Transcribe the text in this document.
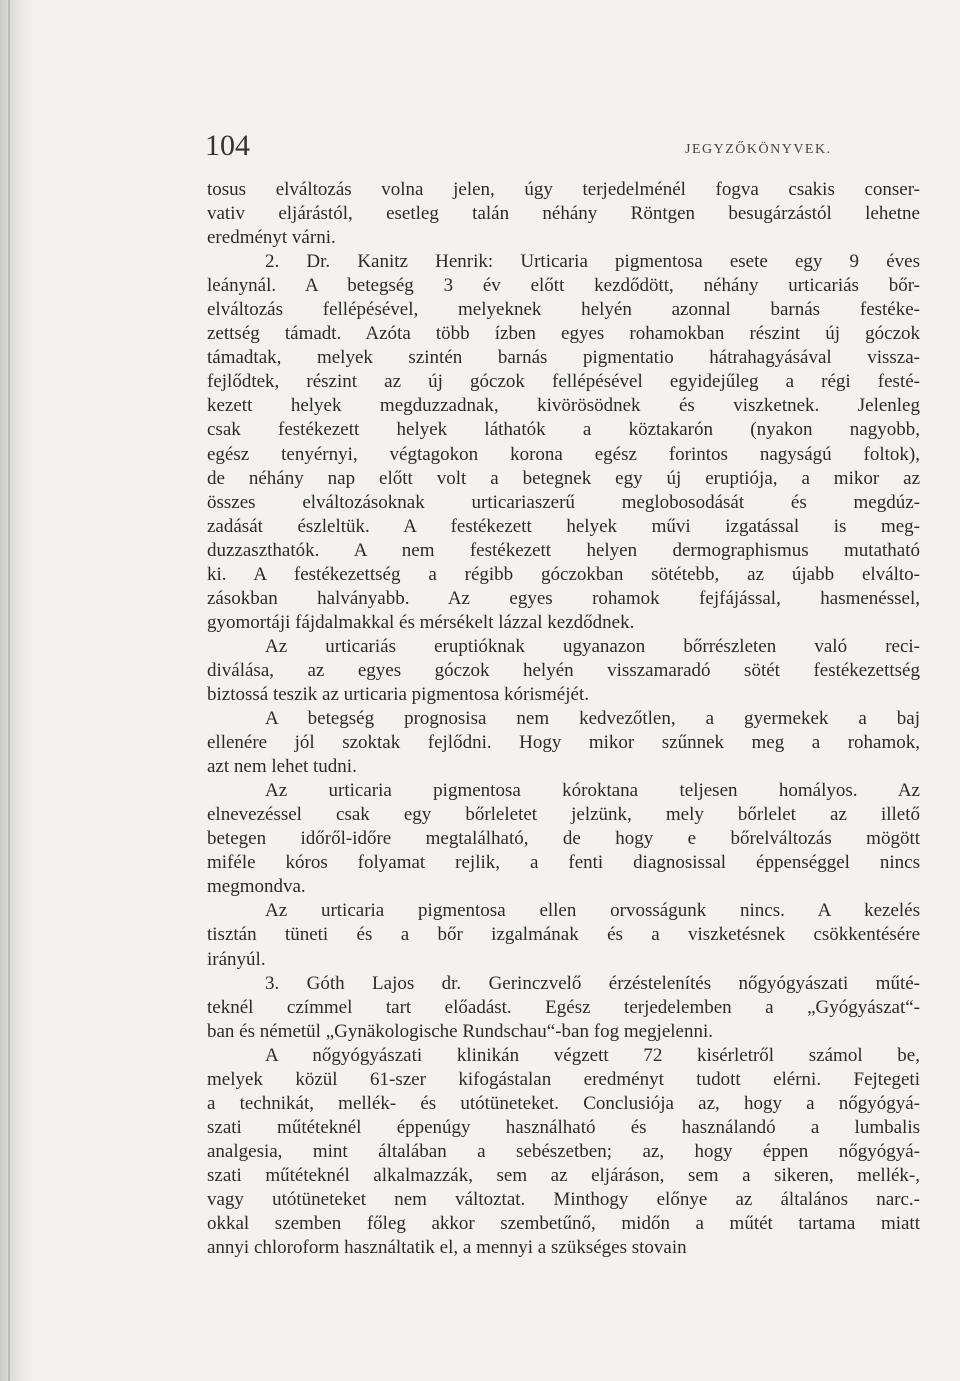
104	JEGYZŐKÖNYVEK.
tosus elváltozás volna jelen, úgy terjedelménél fogva csakis conser-
vativ eljárástól, esetleg talán néhány Röntgen besugárzástól lehetne
eredményt várni.
2. Dr. Kanitz Henrik: Urticaria pigmentosa esete egy 9 éves
leánynál. A betegség 3 év előtt kezdődött, néhány urticariás bőr-
elváltozás fellépésével, melyeknek helyén azonnal barnás festéke-
zettség támadt. Azóta több ízben egyes rohamokban részint új góczok
támadtak, melyek szintén barnás pigmentatio hátrahagyásával vissza-
fejlődtek, részint az új góczok fellépésével egyidejűleg a régi festé-
kezett helyek megduzzadnak, kivörösödnek és viszketnek. Jelenleg
csak festékezett helyek láthatók a köztakarón (nyakon nagyobb,
egész tenyérnyi, végtagokon korona egész forintos nagyságú foltok),
de néhány nap előtt volt a betegnek egy új eruptiója, a mikor az
összes elváltozásoknak urticariaszerű meglobosodását és megdúz-
zadását észleltük. A festékezett helyek művi izgatással is meg-
duzzaszthatók. A nem festékezett helyen dermographismus mutatható
ki. A festékezettség a régibb góczokban sötétebb, az újabb elválto-
zásokban halványabb. Az egyes rohamok fejfájással, hasmenéssel,
gyomortáji fájdalmakkal és mérsékelt lázzal kezdődnek.
Az urticariás eruptióknak ugyanazon bőrrészleten való reci-
diválása, az egyes góczok helyén visszamaradó sötét festékezettség
biztossá teszik az urticaria pigmentosa kórisméjét.
A betegség prognosisa nem kedvezőtlen, a gyermekek a baj
ellenére jól szoktak fejlődni. Hogy mikor szűnnek meg a rohamok,
azt nem lehet tudni.
Az urticaria pigmentosa kóroktana teljesen homályos. Az
elnevezéssel csak egy bőrleletet jelzünk, mely bőrlelet az illető
betegen időről-időre megtalálható, de hogy e bőrelváltozás mögött
miféle kóros folyamat rejlik, a fenti diagnosissal éppenséggel nincs
megmondva.
Az urticaria pigmentosa ellen orvosságunk nincs. A kezelés
tisztán tüneti és a bőr izgalmának és a viszketésnek csökkentésére
irányúl.
3. Góth Lajos dr. Gerinczvelő érzéstelenítés nőgyógyászati műté-
teknél czímmel tart előadást. Egész terjedelemben a „Gyógyászat“-
ban és németül „Gynäkologische Rundschau“-ban fog megjelenni.
A nőgyógyászati klinikán végzett 72 kisérletről számol be,
melyek közül 61-szer kifogástalan eredményt tudott elérni. Fejtegeti
a technikát, mellék- és utótüneteket. Conclusiója az, hogy a nőgyógyá-
szati műtéteknél éppenúgy használható és használandó a lumbalis
analgesia, mint általában a sebészetben; az, hogy éppen nőgyógyá-
szati műtéteknél alkalmazzák, sem az eljáráson, sem a sikeren, mellék-,
vagy utótüneteket nem változtat. Minthogy előnye az általános narc.-
okkal szemben főleg akkor szembetűnő, midőn a műtét tartama miatt
annyi chloroform használtatik el, a mennyi a szükséges stovain
